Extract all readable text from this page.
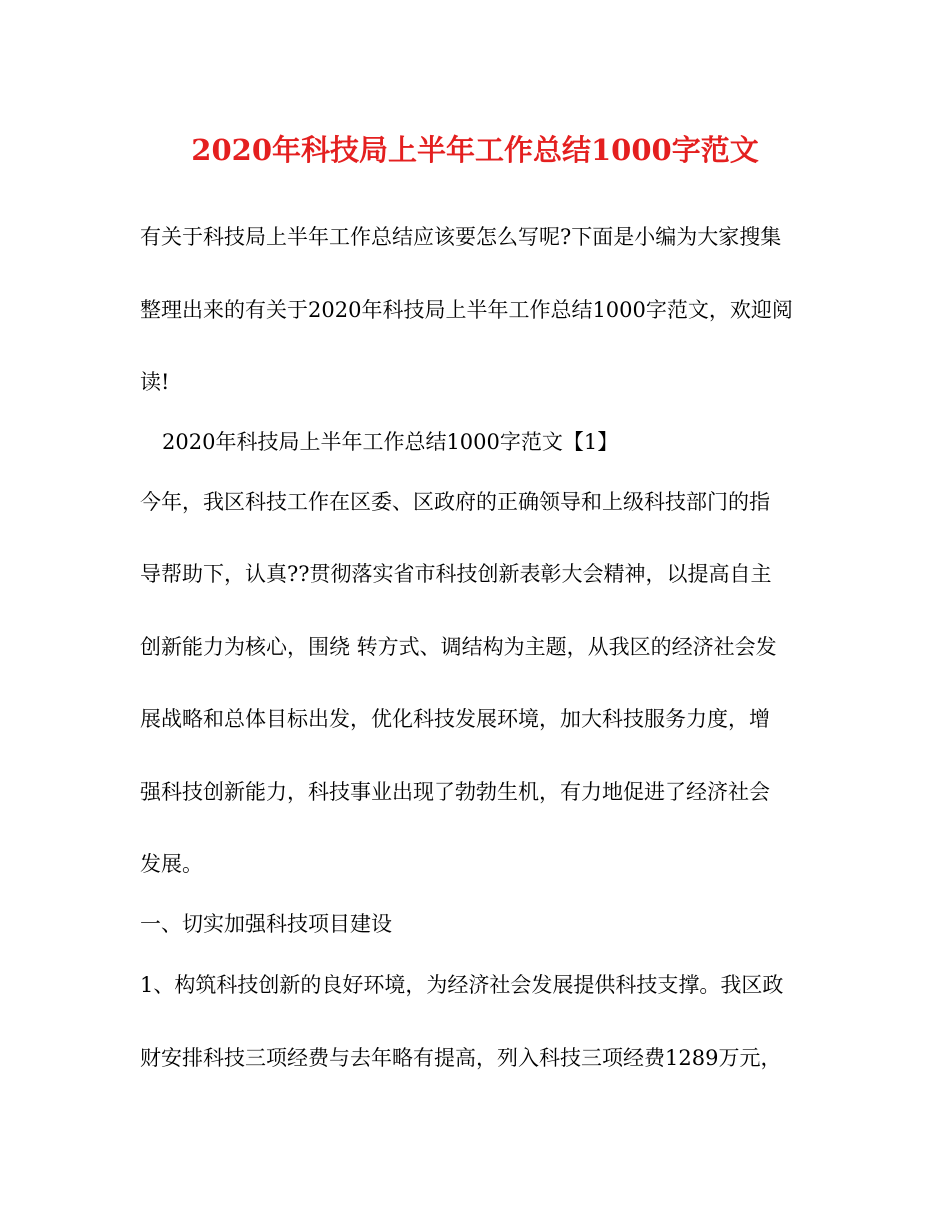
2020年科技局上半年工作总结1000字范文
有关于科技局上半年工作总结应该要怎么写呢?下面是小编为大家搜集
整理出来的有关于2020年科技局上半年工作总结1000字范文，欢迎阅
读!
2020年科技局上半年工作总结1000字范文【1】
今年，我区科技工作在区委、区政府的正确领导和上级科技部门的指
导帮助下，认真??贯彻落实省市科技创新表彰大会精神，以提高自主
创新能力为核心，围绕 转方式、调结构为主题，从我区的经济社会发
展战略和总体目标出发，优化科技发展环境，加大科技服务力度，增
强科技创新能力，科技事业出现了勃勃生机，有力地促进了经济社会
发展。
一、切实加强科技项目建设
1、构筑科技创新的良好环境，为经济社会发展提供科技支撑。我区政
财安排科技三项经费与去年略有提高，列入科技三项经费1289万元，
